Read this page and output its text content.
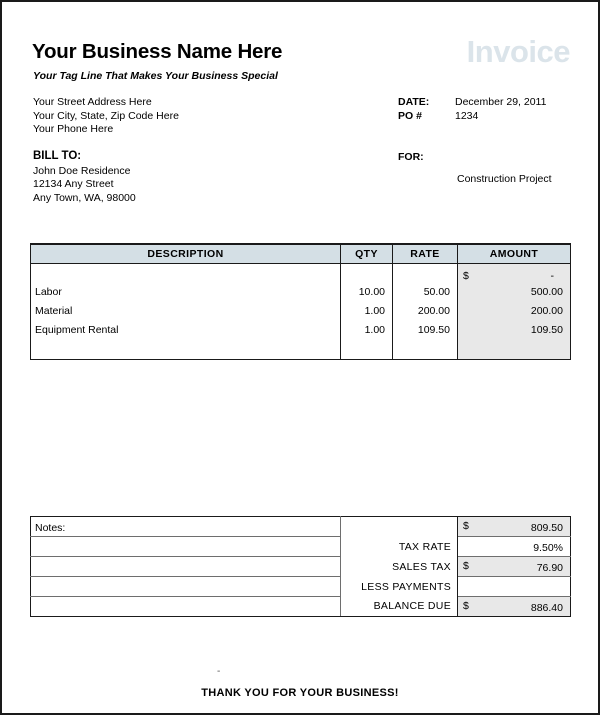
Your Business Name Here	Invoice
Your Tag Line That Makes Your Business Special
Your Street Address Here
Your City, State, Zip Code Here
Your Phone Here
DATE:	December 29, 2011
PO #	1234
BILL TO:
John Doe Residence
12134 Any Street
Any Town, WA, 98000
FOR:
Construction Project
DESCRIPTION	QTY	RATE	AMOUNT

			$ -

Labor	10.00	50.00	500.00

Material	1.00	200.00	200.00

Equipment Rental	1.00	109.50	109.50

Notes:		$ 809.50

	TAX RATE	9.50%

	SALES TAX	$ 76.90

	LESS PAYMENTS	

	BALANCE DUE	$ 886.40
-
THANK YOU FOR YOUR BUSINESS!
